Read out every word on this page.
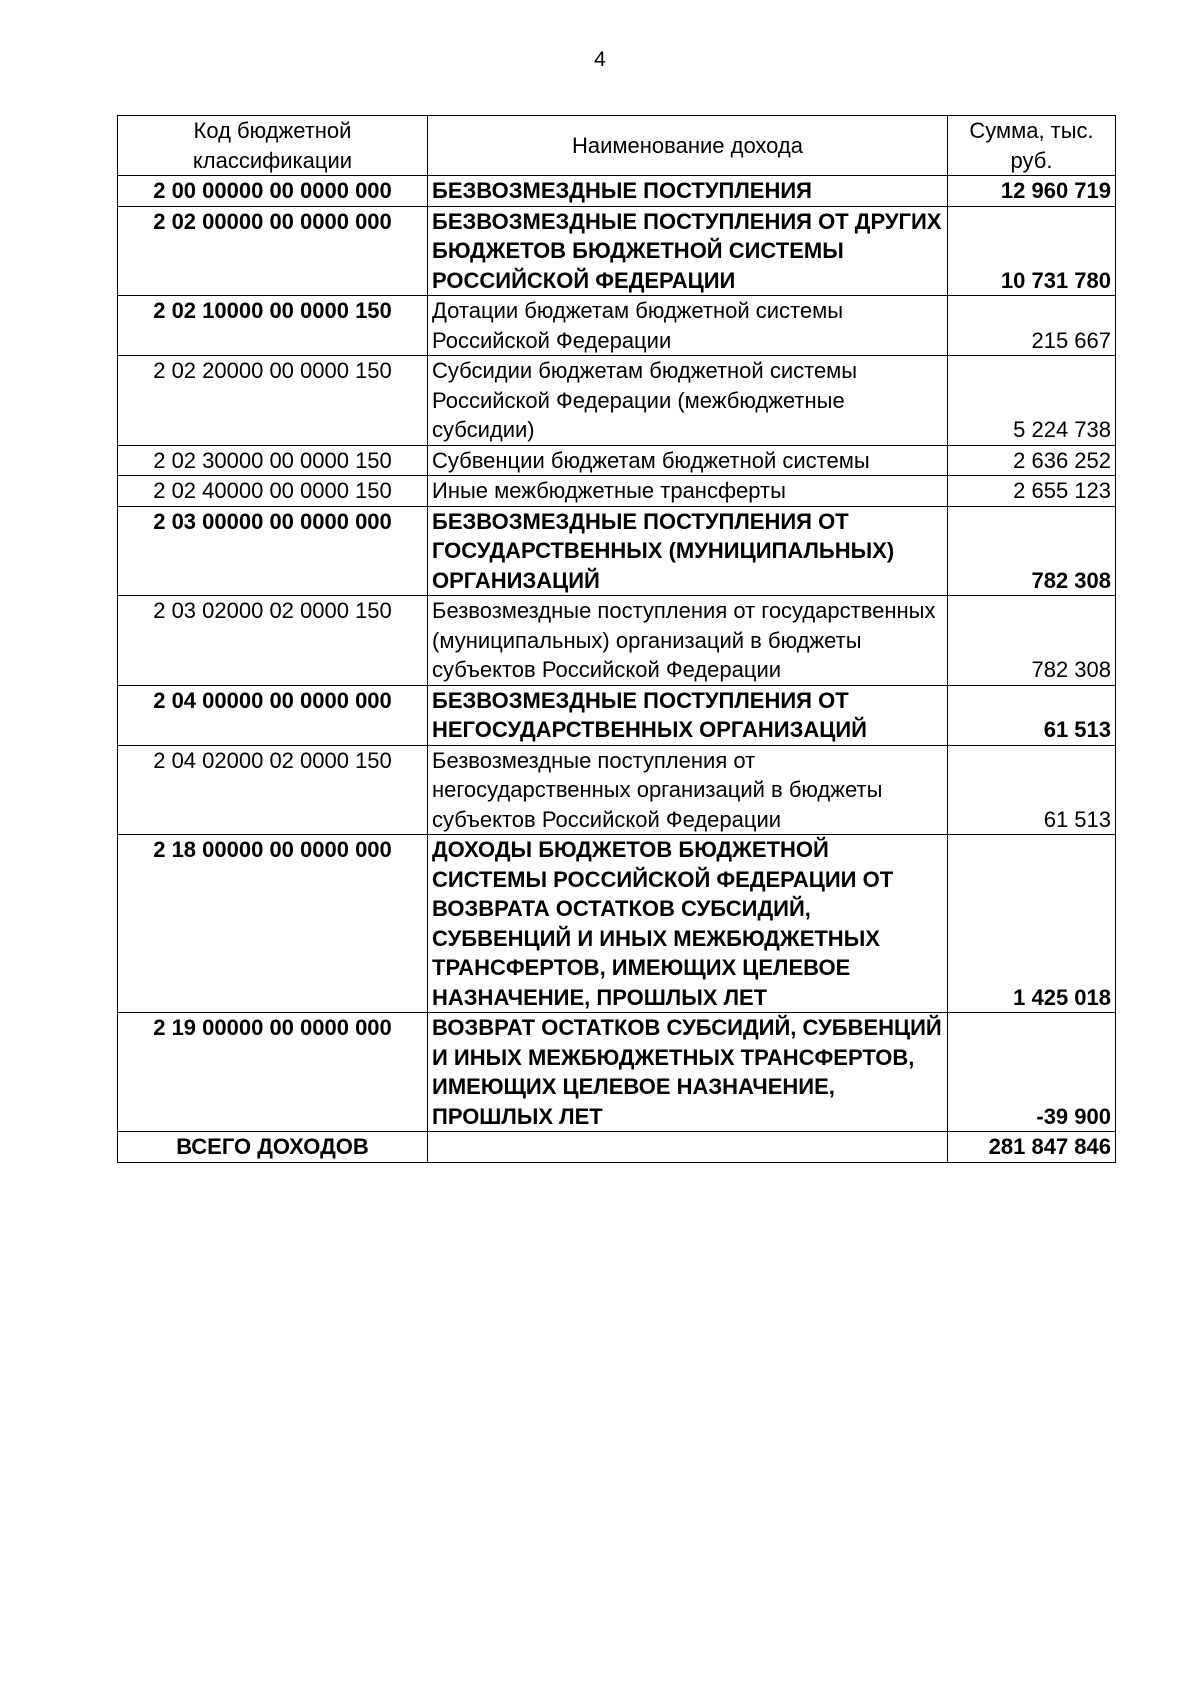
4
Код бюджетной классификации	Наименование дохода	Сумма, тыс. руб.
2 00 00000 00 0000 000	БЕЗВОЗМЕЗДНЫЕ ПОСТУПЛЕНИЯ	12 960 719
2 02 00000 00 0000 000	БЕЗВОЗМЕЗДНЫЕ ПОСТУПЛЕНИЯ ОТ ДРУГИХ БЮДЖЕТОВ БЮДЖЕТНОЙ СИСТЕМЫ РОССИЙСКОЙ ФЕДЕРАЦИИ	10 731 780
2 02 10000 00 0000 150	Дотации бюджетам бюджетной системы Российской Федерации	215 667
2 02 20000 00 0000 150	Субсидии бюджетам бюджетной системы Российской Федерации (межбюджетные субсидии)	5 224 738
2 02 30000 00 0000 150	Субвенции бюджетам бюджетной системы	2 636 252
2 02 40000 00 0000 150	Иные межбюджетные трансферты	2 655 123
2 03 00000 00 0000 000	БЕЗВОЗМЕЗДНЫЕ ПОСТУПЛЕНИЯ ОТ ГОСУДАРСТВЕННЫХ (МУНИЦИПАЛЬНЫХ) ОРГАНИЗАЦИЙ	782 308
2 03 02000 02 0000 150	Безвозмездные поступления от государственных (муниципальных) организаций в бюджеты субъектов Российской Федерации	782 308
2 04 00000 00 0000 000	БЕЗВОЗМЕЗДНЫЕ ПОСТУПЛЕНИЯ ОТ НЕГОСУДАРСТВЕННЫХ ОРГАНИЗАЦИЙ	61 513
2 04 02000 02 0000 150	Безвозмездные поступления от негосударственных организаций в бюджеты субъектов Российской Федерации	61 513
2 18 00000 00 0000 000	ДОХОДЫ БЮДЖЕТОВ БЮДЖЕТНОЙ СИСТЕМЫ РОССИЙСКОЙ ФЕДЕРАЦИИ ОТ ВОЗВРАТА ОСТАТКОВ СУБСИДИЙ, СУБВЕНЦИЙ И ИНЫХ МЕЖБЮДЖЕТНЫХ ТРАНСФЕРТОВ, ИМЕЮЩИХ ЦЕЛЕВОЕ НАЗНАЧЕНИЕ, ПРОШЛЫХ ЛЕТ	1 425 018
2 19 00000 00 0000 000	ВОЗВРАТ ОСТАТКОВ СУБСИДИЙ, СУБВЕНЦИЙ И ИНЫХ МЕЖБЮДЖЕТНЫХ ТРАНСФЕРТОВ, ИМЕЮЩИХ ЦЕЛЕВОЕ НАЗНАЧЕНИЕ, ПРОШЛЫХ ЛЕТ	-39 900
ВСЕГО ДОХОДОВ		281 847 846
